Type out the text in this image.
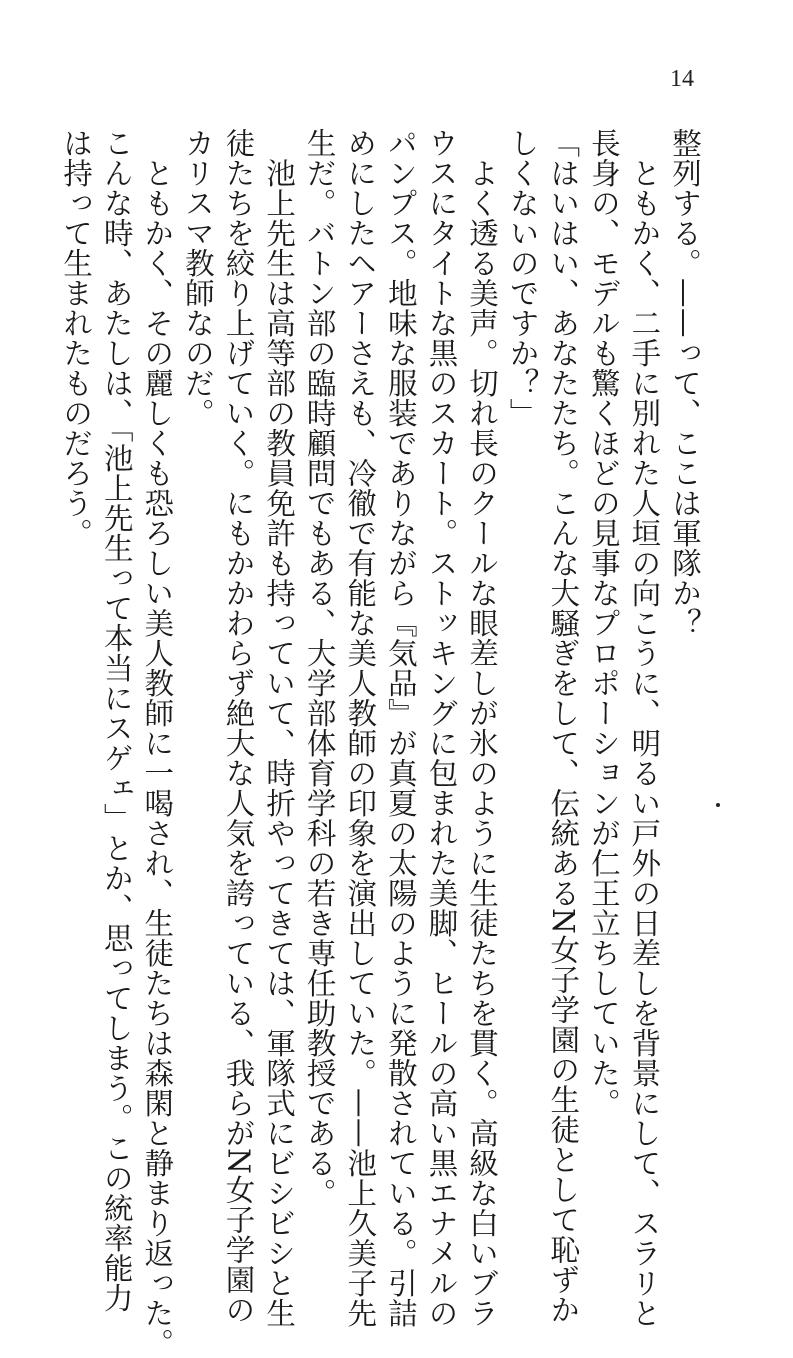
14
整列する。——って、ここは軍隊か？
　ともかく、二手に別れた人垣の向こうに、明るい戸外の日差しを背景にして、スラリと
長身の、モデルも驚くほどの見事なプロポーションが仁王立ちしていた。
「はいはい、あなたたち。こんな大騒ぎをして、伝統あるN女子学園の生徒として恥ずか
しくないのですか？」
　よく透る美声。切れ長のクールな眼差しが氷のように生徒たちを貫く。高級な白いブラ
ウスにタイトな黒のスカート。ストッキングに包まれた美脚、ヒールの高い黒エナメルの
パンプス。地味な服装でありながら『気品』が真夏の太陽のように発散されている。引詰
めにしたヘアーさえも、冷徹で有能な美人教師の印象を演出していた。——池上久美子先
生だ。バトン部の臨時顧問でもある、大学部体育学科の若き専任助教授である。
　池上先生は高等部の教員免許も持っていて、時折やってきては、軍隊式にビシビシと生
徒たちを絞り上げていく。にもかかわらず絶大な人気を誇っている、我らがN女子学園の
カリスマ教師なのだ。
　ともかく、その麗しくも恐ろしい美人教師に一喝され、生徒たちは森閑と静まり返った。
こんな時、あたしは、「池上先生って本当にスゲェ」とか、思ってしまう。この統率能力
は持って生まれたものだろう。
